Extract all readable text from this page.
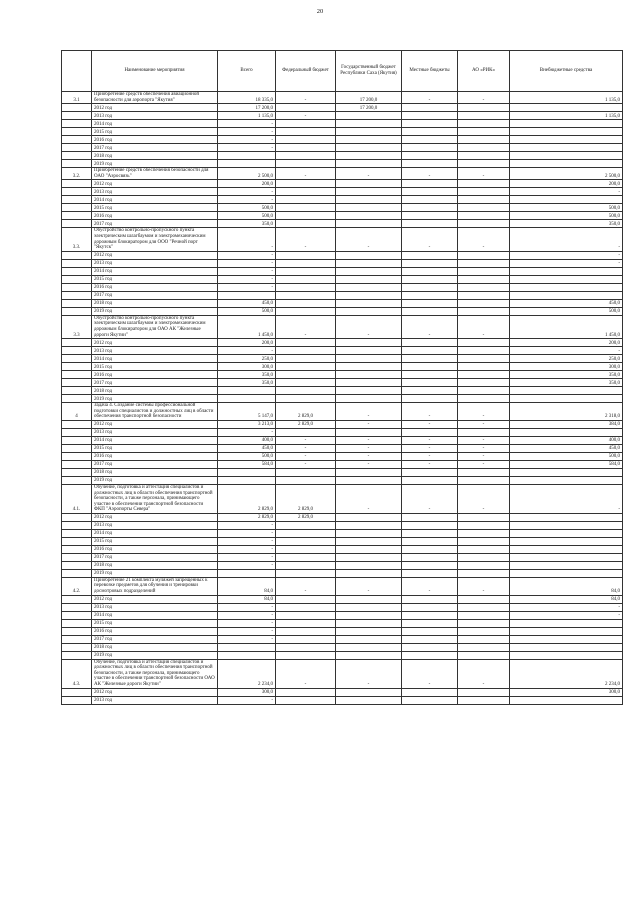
20
	Наименование мероприятия	Всего	Федеральный бюджет	Государственный бюджет Республики Саха (Якутия)	Местные бюджеты	АО «РИК»	Внебюджетные средства
3.1	Приобретение средств обеспечения авиационной безопасности для аэропорта "Якутия"	18 335,0	-	17 200,0	-	-	1 135,0
	2012 год	17 200,0		17 200,0			
	2013 год	1 135,0	-				1 135,0
	2014 год	-					
	2015 год	-					
	2016 год	-					
	2017 год	-					
	2018 год						
	2019 год						
3.2.	Приобретение средств обеспечения безопасности для ОАО "Аэросвязь"	2 500,0	-	-	-	-	2 500,0
	2012 год	200,0					200,0
	2013 год	-					-
	2014 год	-					
	2015 год	500,0					500,0
	2016 год	500,0					500,0
	2017 год	350,0					350,0
3.3.	Обустройство контрольно-пропускного пункта электрическим шлагбаумом и электромеханическим дорожным блокиратором для ООО "Речной порт "Якутск"	-	-	-	-	-	-
	2012 год	-					-
	2013 год	-					-
	2014 год	-					
	2015 год	-					
	2016 год	-					
	2017 год						
	2018 год	450,0					450,0
	2019 год	500,0					500,0
3.3	Обустройство контрольно-пропускного пункта электрическим шлагбаумом и электромеханическим дорожным блокиратором для ОАО АК "Железные дороги Якутии"	1 450,0	-	-	-	-	1 450,0
	2012 год	200,0					200,0
	2013 год	-					-
	2014 год	250,0					250,0
	2015 год	300,0					300,0
	2016 год	350,0					350,0
	2017 год	350,0					350,0
	2018 год						
	2019 год						
4	Задача 4. Создание системы профессиональной подготовки специалистов и должностных лиц в области обеспечения транспортной безопасности	5 147,0	2 829,0	-	-	-	2 318,0
	2012 год	3 213,0	2 829,0	-	-	-	384,0
	2013 год	-					
	2014 год	400,0	-	-	-	-	400,0
	2015 год	450,0	-	-	-	-	450,0
	2016 год	500,0	-	-	-	-	500,0
	2017 год	584,0	-	-	-	-	584,0
	2018 год						
	2019 год						
4.1.	Обучение, подготовка и аттестация специалистов и должностных лиц в области обеспечения транспортной безопасности, а также персонала, принимающего участие в обеспечении транспортной безопасности ФКП "Аэропорты Севера"	2 829,0	2 829,0	-	-	-	-
	2012 год	2 829,0	2 829,0				
	2013 год	-					
	2014 год	-					
	2015 год	-					
	2016 год	-					
	2017 год	-					
	2018 год	-					
	2019 год						
4.2.	Приобретение 21 комплекта муляжей запрещенных к перевозке предметов для обучения и тренировки досмотровых подразделений	84,0	-	-	-	-	84,0
	2012 год	84,0					84,0
	2013 год	-					-
	2014 год	-					-
	2015 год	-					
	2016 год	-					
	2017 год	-					
	2018 год						
	2019 год						
4.3.	Обучение, подготовка и аттестация специалистов и должностных лиц в области обеспечения транспортной безопасности, а также персонала, принимающего участие в обеспечении транспортной безопасности ОАО АК "Железные дороги Якутии"	2 234,0	-	-	-	-	2 234,0
	2012 год	300,0					300,0
	2013 год	-					
